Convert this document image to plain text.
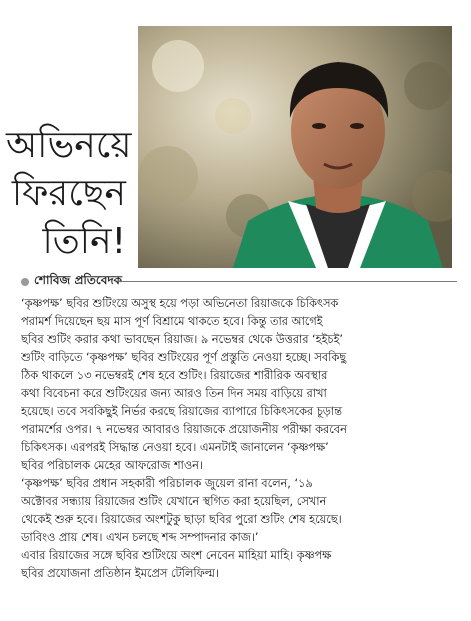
অভিনয়ে
ফিরছেন
তিনি!
শোবিজ প্রতিবেদক
‘কৃষ্ণপক্ষ’ ছবির শুটিংয়ে অসুস্থ হয়ে পড়া অভিনেতা রিয়াজকে চিকিৎসক
পরামর্শ দিয়েছেন ছয় মাস পূর্ণ বিশ্রামে থাকতে হবে। কিন্তু তার আগেই
ছবির শুটিং করার কথা ভাবছেন রিয়াজ। ৯ নভেম্বর থেকে উত্তরার ‘হইচই’
শুটিং বাড়িতে ‘কৃষ্ণপক্ষ’ ছবির শুটিংয়ের পূর্ণ প্রস্তুতি নেওয়া হচ্ছে। সবকিছু
ঠিক থাকলে ১৩ নভেম্বরই শেষ হবে শুটিং। রিয়াজের শারীরিক অবস্থার
কথা বিবেচনা করে শুটিংয়ের জন্য আরও তিন দিন সময় বাড়িয়ে রাখা
হয়েছে। তবে সবকিছুই নির্ভর করছে রিয়াজের ব্যাপারে চিকিৎসকের চূড়ান্ত
পরামর্শের ওপর। ৭ নভেম্বর আবারও রিয়াজকে প্রয়োজনীয় পরীক্ষা করবেন
চিকিৎসক। এরপরই সিদ্ধান্ত নেওয়া হবে। এমনটাই জানালেন ‘কৃষ্ণপক্ষ’
ছবির পরিচালক মেহের আফরোজ শাওন।
‘কৃষ্ণপক্ষ’ ছবির প্রধান সহকারী পরিচালক জুয়েল রানা বলেন, ‘১৯
অক্টোবর সন্ধ্যায় রিয়াজের শুটিং যেখানে স্থগিত করা হয়েছিল, সেখান
থেকেই শুরু হবে। রিয়াজের অংশটুকু ছাড়া ছবির পুরো শুটিং শেষ হয়েছে।
ডাবিংও প্রায় শেষ। এখন চলছে শব্দ সম্পাদনার কাজ।’
এবার রিয়াজের সঙ্গে ছবির শুটিংয়ে অংশ নেবেন মাহিয়া মাহি। কৃষ্ণপক্ষ
ছবির প্রযোজনা প্রতিষ্ঠান ইমপ্রেস টেলিফিল্ম।
